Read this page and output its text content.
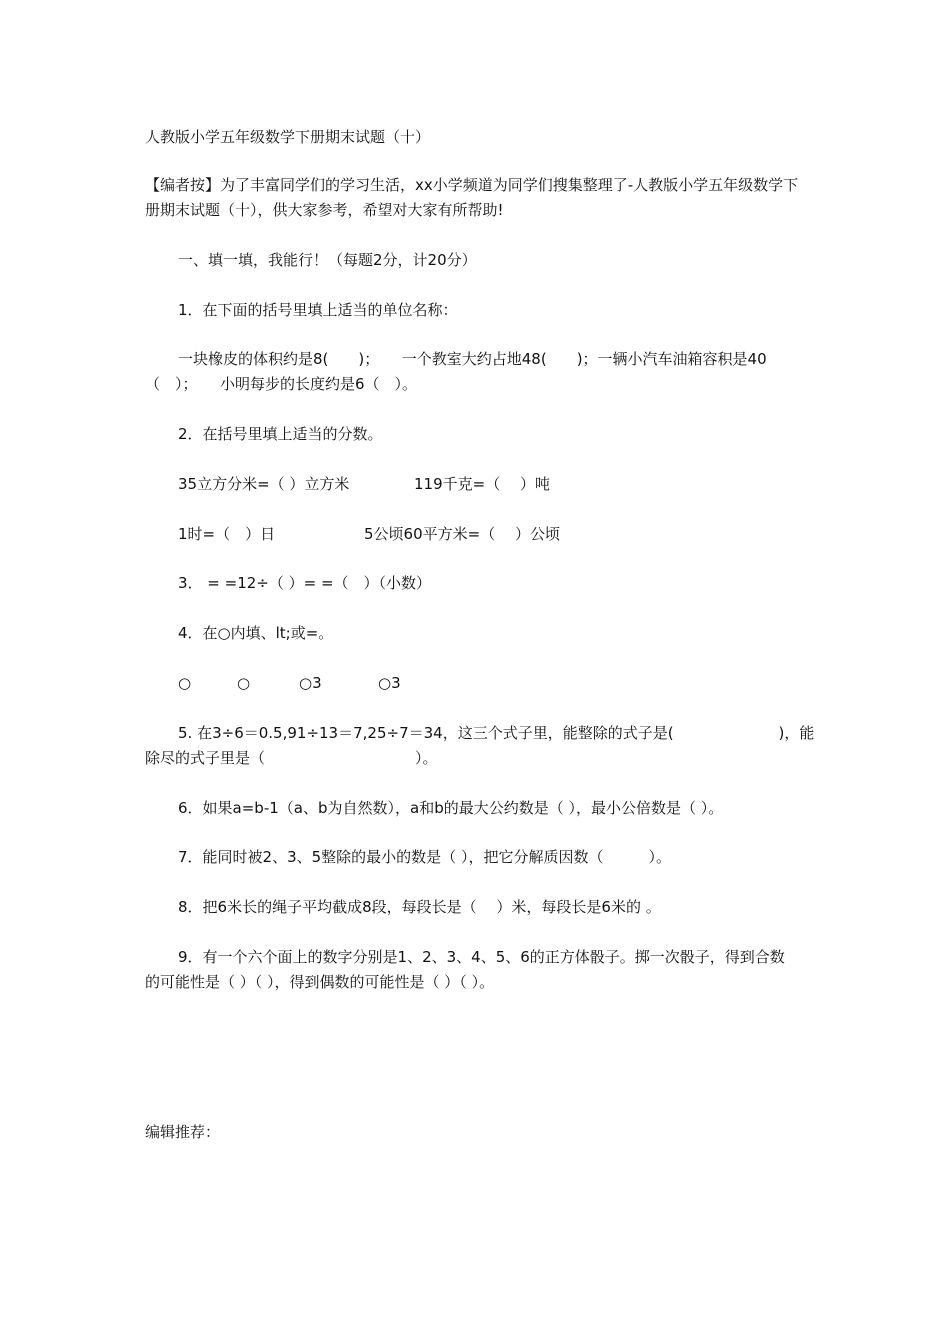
人教版小学五年级数学下册期末试题（十）
【编者按】为了丰富同学们的学习生活，xx小学频道为同学们搜集整理了-人教版小学五年级数学下册期末试题（十），供大家参考，希望对大家有所帮助!
一、填一填，我能行！（每题2分，计20分）
1．在下面的括号里填上适当的单位名称：
一块橡皮的体积约是8(　　)；　　一个教室大约占地48(　　)；一辆小汽车油箱容积是40（　）；　　小明每步的长度约是6（　）。
2．在括号里填上适当的分数。
35立方分米=（ ）立方米	119千克=（　 ）吨
1时=（　）日	5公顷60平方米=（　 ）公顷
3． = =12÷（ ）= =（　）（小数）
4．在○内填、lt;或=。
○	○	○3	○3
5. 在3÷6＝0.5,91÷13＝7,25÷7＝34，这三个式子里，能整除的式子是(　　　　　　　)，能
除尽的式子里是（　　　　　　　　　　）。
6．如果a=b-1（a、b为自然数），a和b的最大公约数是（ ），最小公倍数是（ ）。
7．能同时被2、3、5整除的最小的数是（ ），把它分解质因数（　　　）。
8．把6米长的绳子平均截成8段，每段长是（　 ）米，每段长是6米的 。
9．有一个六个面上的数字分别是1、2、3、4、5、6的正方体骰子。掷一次骰子，得到合数
的可能性是（ ）（ ），得到偶数的可能性是（ ）（ ）。
编辑推荐：
